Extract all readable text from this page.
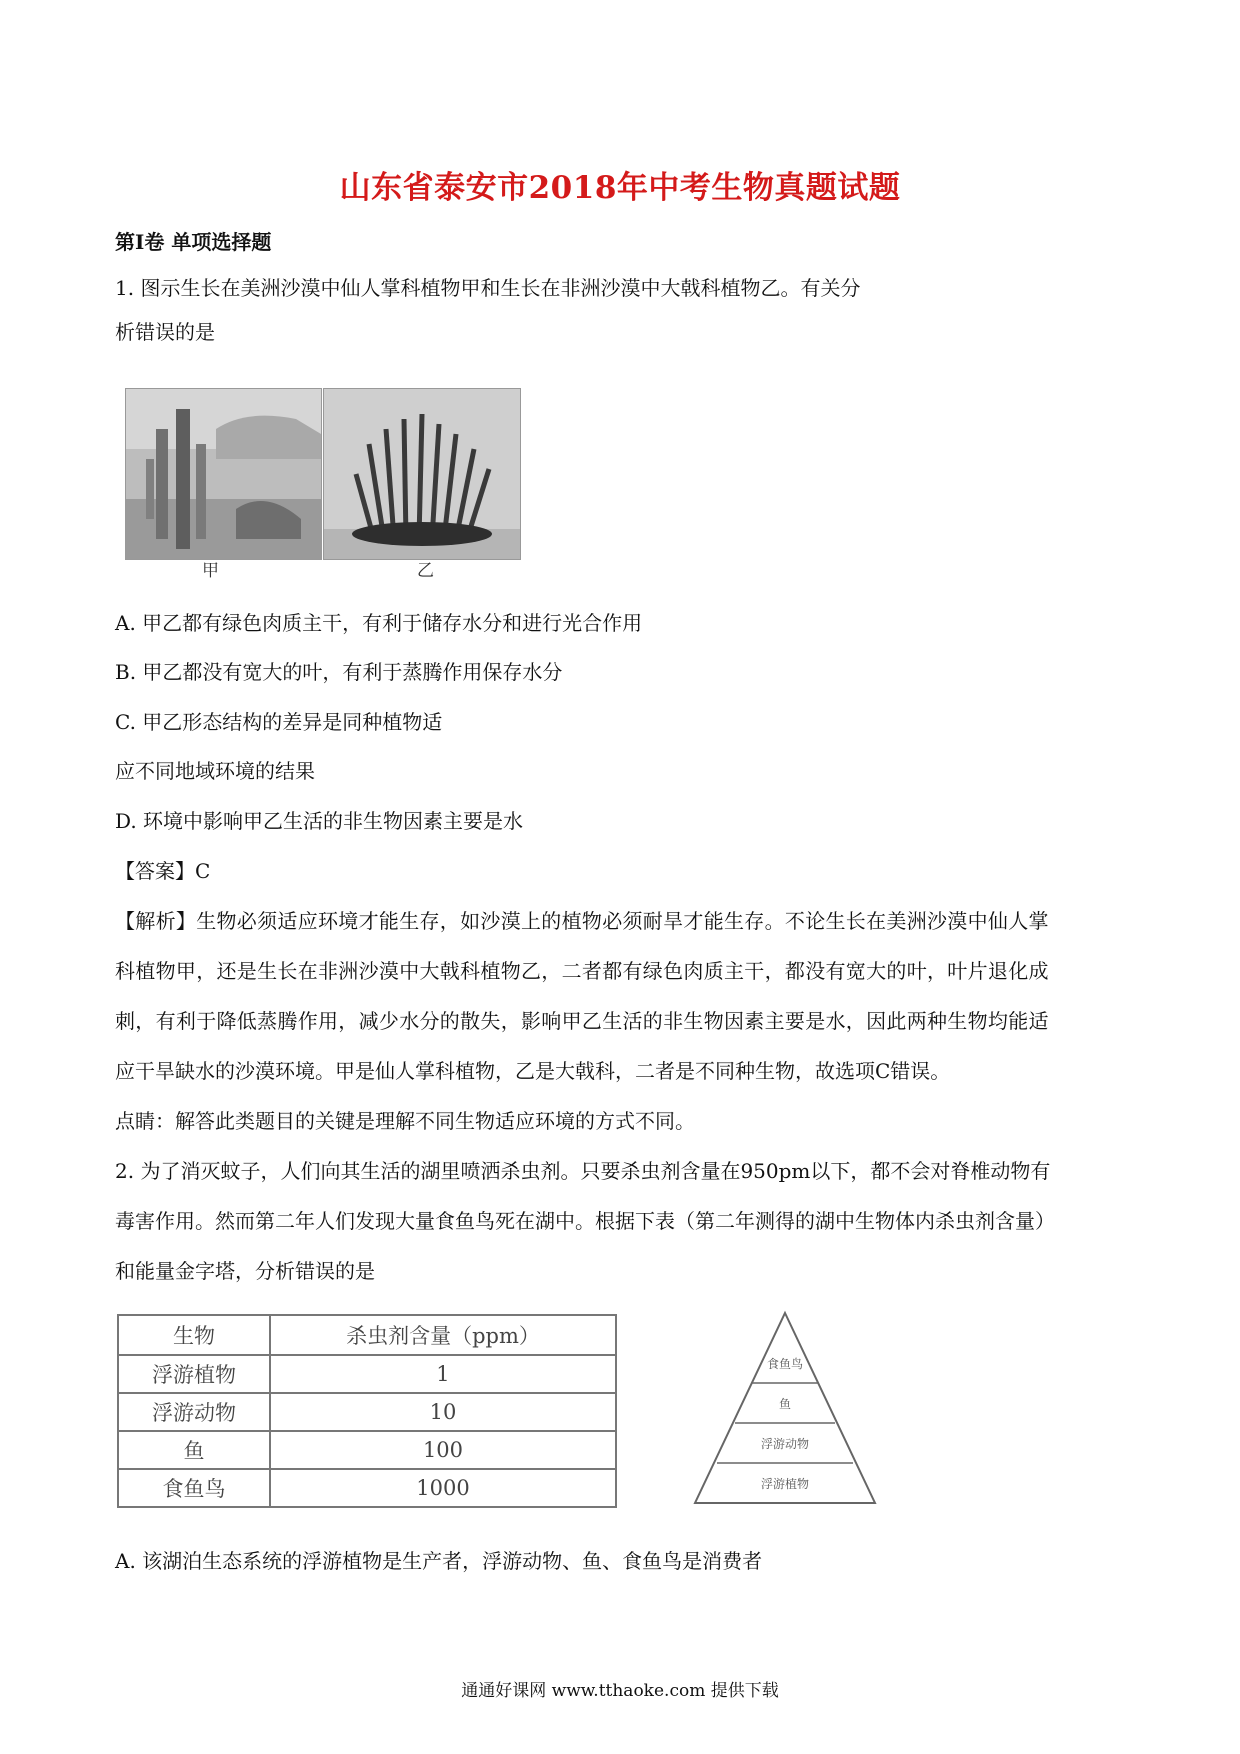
山东省泰安市2018年中考生物真题试题
第Ⅰ卷 单项选择题
1. 图示生长在美洲沙漠中仙人掌科植物甲和生长在非洲沙漠中大戟科植物乙。有关分
析错误的是
甲	乙
A. 甲乙都有绿色肉质主干，有利于储存水分和进行光合作用
B. 甲乙都没有宽大的叶，有利于蒸腾作用保存水分
C. 甲乙形态结构的差异是同种植物适
应不同地域环境的结果
D. 环境中影响甲乙生活的非生物因素主要是水
【答案】C
【解析】生物必须适应环境才能生存，如沙漠上的植物必须耐旱才能生存。不论生长在美洲沙漠中仙人掌
科植物甲，还是生长在非洲沙漠中大戟科植物乙，二者都有绿色肉质主干，都没有宽大的叶，叶片退化成
刺，有利于降低蒸腾作用，减少水分的散失，影响甲乙生活的非生物因素主要是水，因此两种生物均能适
应干旱缺水的沙漠环境。甲是仙人掌科植物，乙是大戟科，二者是不同种生物，故选项C错误。
点睛：解答此类题目的关键是理解不同生物适应环境的方式不同。
2. 为了消灭蚊子，人们向其生活的湖里喷洒杀虫剂。只要杀虫剂含量在950pm以下，都不会对脊椎动物有
毒害作用。然而第二年人们发现大量食鱼鸟死在湖中。根据下表（第二年测得的湖中生物体内杀虫剂含量）
和能量金字塔，分析错误的是
生物	杀虫剂含量（ppm）
浮游植物	1
浮游动物	10
鱼	100
食鱼鸟	1000
食鱼鸟
鱼
浮游动物
浮游植物
A. 该湖泊生态系统的浮游植物是生产者，浮游动物、鱼、食鱼鸟是消费者
通通好课网 www.tthaoke.com 提供下载
